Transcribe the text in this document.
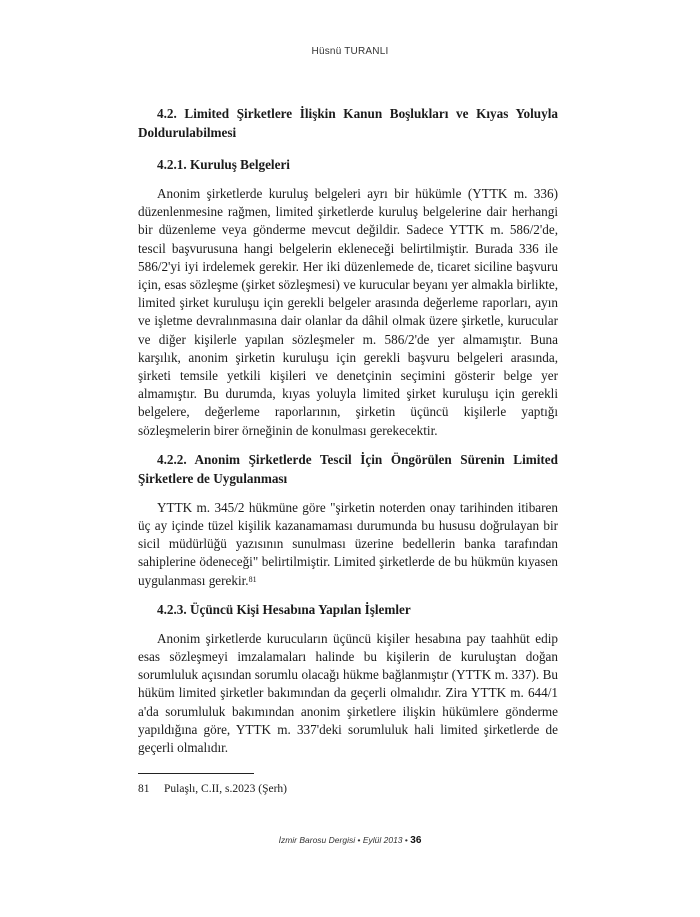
Hüsnü TURANLI
4.2. Limited Şirketlere İlişkin Kanun Boşlukları ve Kıyas Yoluyla Doldurulabilmesi
4.2.1. Kuruluş Belgeleri

Anonim şirketlerde kuruluş belgeleri ayrı bir hükümle (YTTK m. 336) düzenlenmesine rağmen, limited şirketlerde kuruluş belgelerine dair herhangi bir düzenleme veya gönderme mevcut değildir. Sadece YTTK m. 586/2'de, tescil başvurusuna hangi belgelerin ekleneceği belirtilmiştir. Burada 336 ile 586/2'yi iyi irdelemek gerekir. Her iki düzenlemede de, ticaret siciline başvuru için, esas sözleşme (şirket sözleşmesi) ve kurucular beyanı yer almakla birlikte, limited şirket kuruluşu için gerekli belgeler arasında değerleme raporları, ayın ve işletme devralınmasına dair olanlar da dâhil olmak üzere şirketle, kurucular ve diğer kişilerle yapılan sözleşmeler m. 586/2'de yer almamıştır. Buna karşılık, anonim şirketin kuruluşu için gerekli başvuru belgeleri arasında, şirketi temsile yetkili kişileri ve denetçinin seçimini gösterir belge yer almamıştır. Bu durumda, kıyas yoluyla limited şirket kuruluşu için gerekli belgelere, değerleme raporlarının, şirketin üçüncü kişilerle yaptığı sözleşmelerin birer örneğinin de konulması gerekecektir.

4.2.2. Anonim Şirketlerde Tescil İçin Öngörülen Sürenin Limited Şirketlere de Uygulanması

YTTK m. 345/2 hükmüne göre "şirketin noterden onay tarihinden itibaren üç ay içinde tüzel kişilik kazanamaması durumunda bu hususu doğrulayan bir sicil müdürlüğü yazısının sunulması üzerine bedellerin banka tarafından sahiplerine ödeneceği" belirtilmiştir. Limited şirketlerde de bu hükmün kıyasen uygulanması gerekir.$^{81}$

4.2.3. Üçüncü Kişi Hesabına Yapılan İşlemler

Anonim şirketlerde kurucuların üçüncü kişiler hesabına pay taahhüt edip esas sözleşmeyi imzalamaları halinde bu kişilerin de kuruluştan doğan sorumluluk açısından sorumlu olacağı hükme bağlanmıştır (YTTK m. 337). Bu hüküm limited şirketler bakımından da geçerli olmalıdır. Zira YTTK m. 644/1 a'da sorumluluk bakımından anonim şirketlere ilişkin hükümlere gönderme yapıldığına göre, YTTK m. 337'deki sorumluluk hali limited şirketlerde de geçerli olmalıdır.

81 Pulaşlı, C.II, s.2023 (Şerh)
İzmir Barosu Dergisi • Eylül 2013 • 36
